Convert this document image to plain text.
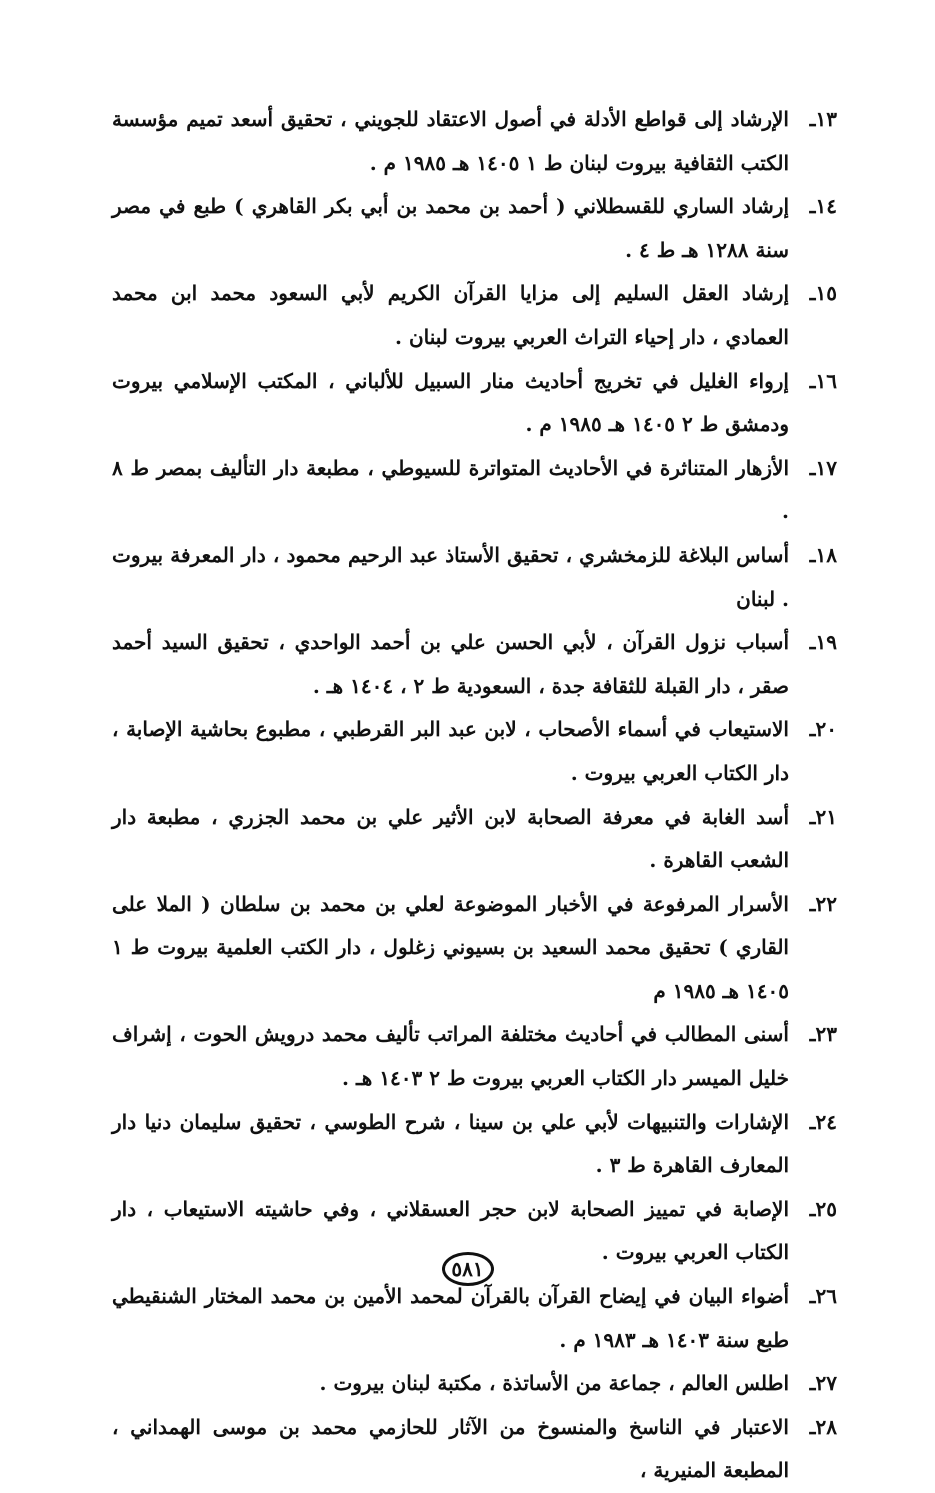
١٣ـ
الإرشاد إلى قواطع الأدلة في أصول الاعتقاد للجويني ، تحقيق أسعد تميم مؤسسة الكتب الثقافية بيروت لبنان ط ١ ١٤٠٥ هـ ١٩٨٥ م .
١٤ـ
إرشاد الساري للقسطلاني ( أحمد بن محمد بن أبي بكر القاهري ) طبع في مصر سنة ١٢٨٨ هـ ط ٤ .
١٥ـ
إرشاد العقل السليم إلى مزايا القرآن الكريم لأبي السعود محمد ابن محمد العمادي ، دار إحياء التراث العربي بيروت لبنان .
١٦ـ
إرواء الغليل في تخريج أحاديث منار السبيل للألباني ، المكتب الإسلامي بيروت ودمشق ط ٢ ١٤٠٥ هـ ١٩٨٥ م .
١٧ـ
الأزهار المتناثرة في الأحاديث المتواترة للسيوطي ، مطبعة دار التأليف بمصر ط ٨ .
١٨ـ
أساس البلاغة للزمخشري ، تحقيق الأستاذ عبد الرحيم محمود ، دار المعرفة بيروت . لبنان
١٩ـ
أسباب نزول القرآن ، لأبي الحسن علي بن أحمد الواحدي ، تحقيق السيد أحمد صقر ، دار القبلة للثقافة جدة ، السعودية ط ٢ ، ١٤٠٤ هـ .
٢٠ـ
الاستيعاب في أسماء الأصحاب ، لابن عبد البر القرطبي ، مطبوع بحاشية الإصابة ، دار الكتاب العربي بيروت .
٢١ـ
أسد الغابة في معرفة الصحابة لابن الأثير علي بن محمد الجزري ، مطبعة دار الشعب القاهرة .
٢٢ـ
الأسرار المرفوعة في الأخبار الموضوعة لعلي بن محمد بن سلطان ( الملا على القاري ) تحقيق محمد السعيد بن بسيوني زغلول ، دار الكتب العلمية بيروت ط ١ ١٤٠٥ هـ ١٩٨٥ م
٢٣ـ
أسنى المطالب في أحاديث مختلفة المراتب تأليف محمد درويش الحوت ، إشراف خليل الميسر دار الكتاب العربي بيروت ط ٢ ١٤٠٣ هـ .
٢٤ـ
الإشارات والتنبيهات لأبي علي بن سينا ، شرح الطوسي ، تحقيق سليمان دنيا دار المعارف القاهرة ط ٣ .
٢٥ـ
الإصابة في تمييز الصحابة لابن حجر العسقلاني ، وفي حاشيته الاستيعاب ، دار الكتاب العربي بيروت .
٢٦ـ
أضواء البيان في إيضاح القرآن بالقرآن لمحمد الأمين بن محمد المختار الشنقيطي طبع سنة ١٤٠٣ هـ ١٩٨٣ م .
٢٧ـ
اطلس العالم ، جماعة من الأساتذة ، مكتبة لبنان بيروت .
٢٨ـ
الاعتبار في الناسخ والمنسوخ من الآثار للحازمي محمد بن موسى الهمداني ، المطبعة المنيرية ،
٥٨١
